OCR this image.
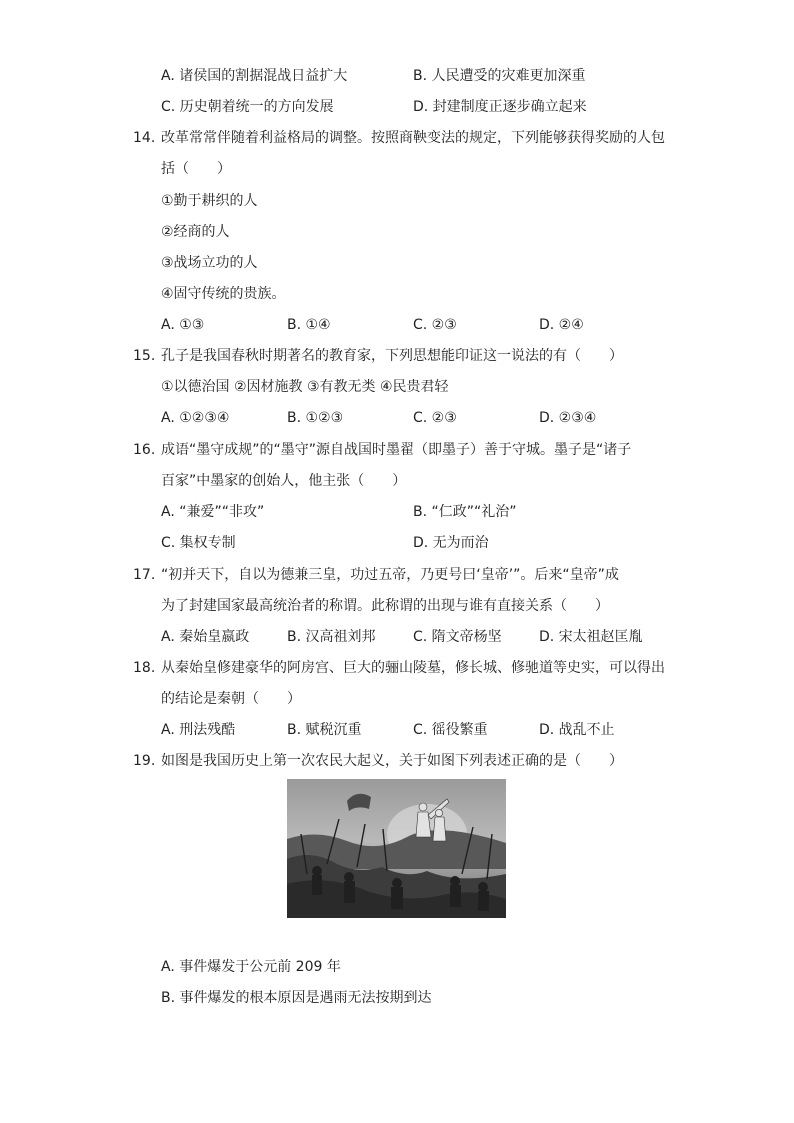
A. 诸侯国的割据混战日益扩大	B. 人民遭受的灾难更加深重
C. 历史朝着统一的方向发展	D. 封建制度正逐步确立起来
14. 改革常常伴随着利益格局的调整。按照商鞅变法的规定，下列能够获得奖励的人包
括（　　）
①勤于耕织的人
②经商的人
③战场立功的人
④固守传统的贵族。
A. ①③	B. ①④	C. ②③	D. ②④
15. 孔子是我国春秋时期著名的教育家，下列思想能印证这一说法的有（　　）
①以德治国 ②因材施教 ③有教无类 ④民贵君轻
A. ①②③④	B. ①②③	C. ②③	D. ②③④
16. 成语“墨守成规”的“墨守”源自战国时墨翟（即墨子）善于守城。墨子是“诸子
百家”中墨家的创始人，他主张（　　）
A. “兼爱”“非攻”	B. “仁政”“礼治”
C. 集权专制	D. 无为而治
17. “初并天下，自以为德兼三皇，功过五帝，乃更号曰‘皇帝’”。后来“皇帝”成
为了封建国家最高统治者的称谓。此称谓的出现与谁有直接关系（　　）
A. 秦始皇嬴政	B. 汉高祖刘邦	C. 隋文帝杨坚	D. 宋太祖赵匡胤
18. 从秦始皇修建豪华的阿房宫、巨大的骊山陵墓，修长城、修驰道等史实，可以得出
的结论是秦朝（　　）
A. 刑法残酷	B. 赋税沉重	C. 徭役繁重	D. 战乱不止
19. 如图是我国历史上第一次农民大起义，关于如图下列表述正确的是（　　）
A. 事件爆发于公元前 209 年
B. 事件爆发的根本原因是遇雨无法按期到达
